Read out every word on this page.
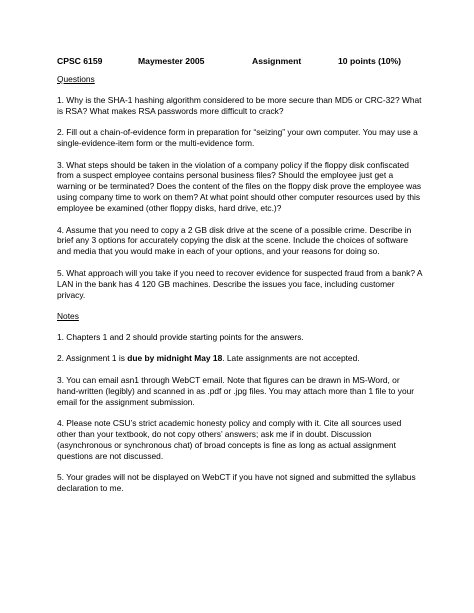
CPSC 6159	Maymester 2005	Assignment	10 points (10%)
Questions
1. Why is the SHA-1 hashing algorithm considered to be more secure than MD5 or CRC-32? What is RSA? What makes RSA passwords more difficult to crack?
2. Fill out a chain-of-evidence form in preparation for “seizing” your own computer. You may use a single-evidence-item form or the multi-evidence form.
3. What steps should be taken in the violation of a company policy if the floppy disk confiscated from a suspect employee contains personal business files? Should the employee just get a warning or be terminated? Does the content of the files on the floppy disk prove the employee was using company time to work on them? At what point should other computer resources used by this employee be examined (other floppy disks, hard drive, etc.)?
4. Assume that you need to copy a 2 GB disk drive at the scene of a possible crime. Describe in brief any 3 options for accurately copying the disk at the scene. Include the choices of software and media that you would make in each of your options, and your reasons for doing so.
5. What approach will you take if you need to recover evidence for suspected fraud from a bank? A LAN in the bank has 4 120 GB machines. Describe the issues you face, including customer privacy.
Notes
1. Chapters 1 and 2 should provide starting points for the answers.
2. Assignment 1 is due by midnight May 18. Late assignments are not accepted.
3. You can email asn1 through WebCT email. Note that figures can be drawn in MS-Word, or hand-written (legibly) and scanned in as .pdf or .jpg files. You may attach more than 1 file to your email for the assignment submission.
4. Please note CSU’s strict academic honesty policy and comply with it. Cite all sources used other than your textbook, do not copy others’ answers; ask me if in doubt. Discussion (asynchronous or synchronous chat) of broad concepts is fine as long as actual assignment questions are not discussed.
5. Your grades will not be displayed on WebCT if you have not signed and submitted the syllabus declaration to me.
